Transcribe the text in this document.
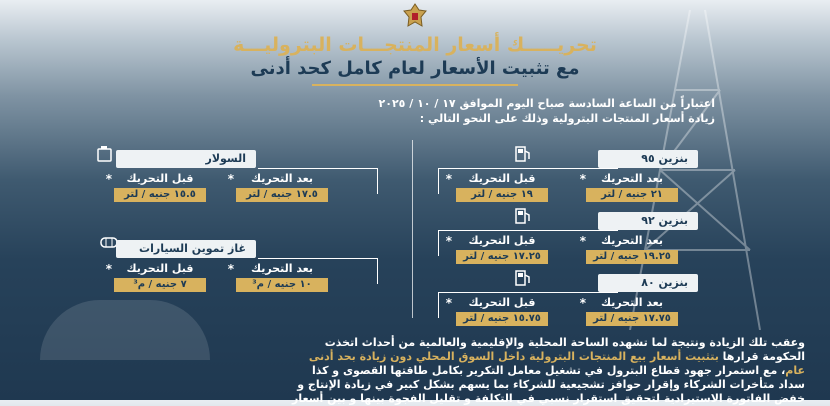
تحريـــــك أسعار المنتجـــات البتروليـــة
مع تثبيت الأسعار لعام كامل كحد أدنى
اعتباراً من الساعة السادسة صباح اليوم الموافق ١٧ / ١٠ / ٢٠٢٥
زيادة أسعار المنتجات البترولية وذلك على النحو التالي :
بنزين ٩٥
بعد التحريك
٢١ جنيه / لتر
*
قبل التحريك
١٩ جنيه / لتر
*
بنزين ٩٢
بعد التحريك
١٩.٢٥ جنيه / لتر
*
قبل التحريك
١٧.٢٥ جنيه / لتر
*
بنزين ٨٠
بعد التحريك
١٧.٧٥ جنيه / لتر
*
قبل التحريك
١٥.٧٥ جنيه / لتر
*
السولار
بعد التحريك
١٧.٥ جنيه / لتر
*
قبل التحريك
١٥.٥ جنيه / لتر
*
غاز تموين السيارات
بعد التحريك
١٠ جنيه / م³
*
قبل التحريك
٧ جنيه / م³
*
وعقب تلك الزيادة ونتيجة لما تشهده الساحة المحلية والإقليمية والعالمية من أحداث اتخذت
الحكومة قرارها بتثبيت أسعار بيع المنتجات البترولية داخل السوق المحلي دون زيادة بحد أدنى
عام، مع استمرار جهود قطاع البترول في تشغيل معامل التكرير بكامل طاقتها القصوى و كذا
سداد متأخرات الشركاء وإقرار حوافز تشجيعية للشركاء بما يسهم بشكل كبير في زيادة الإنتاج و
خفض الفاتورة الاستيرادية لتحقيق استقرار نسبي في التكلفة و تقليل الفجوة بينها و بين أسعار
